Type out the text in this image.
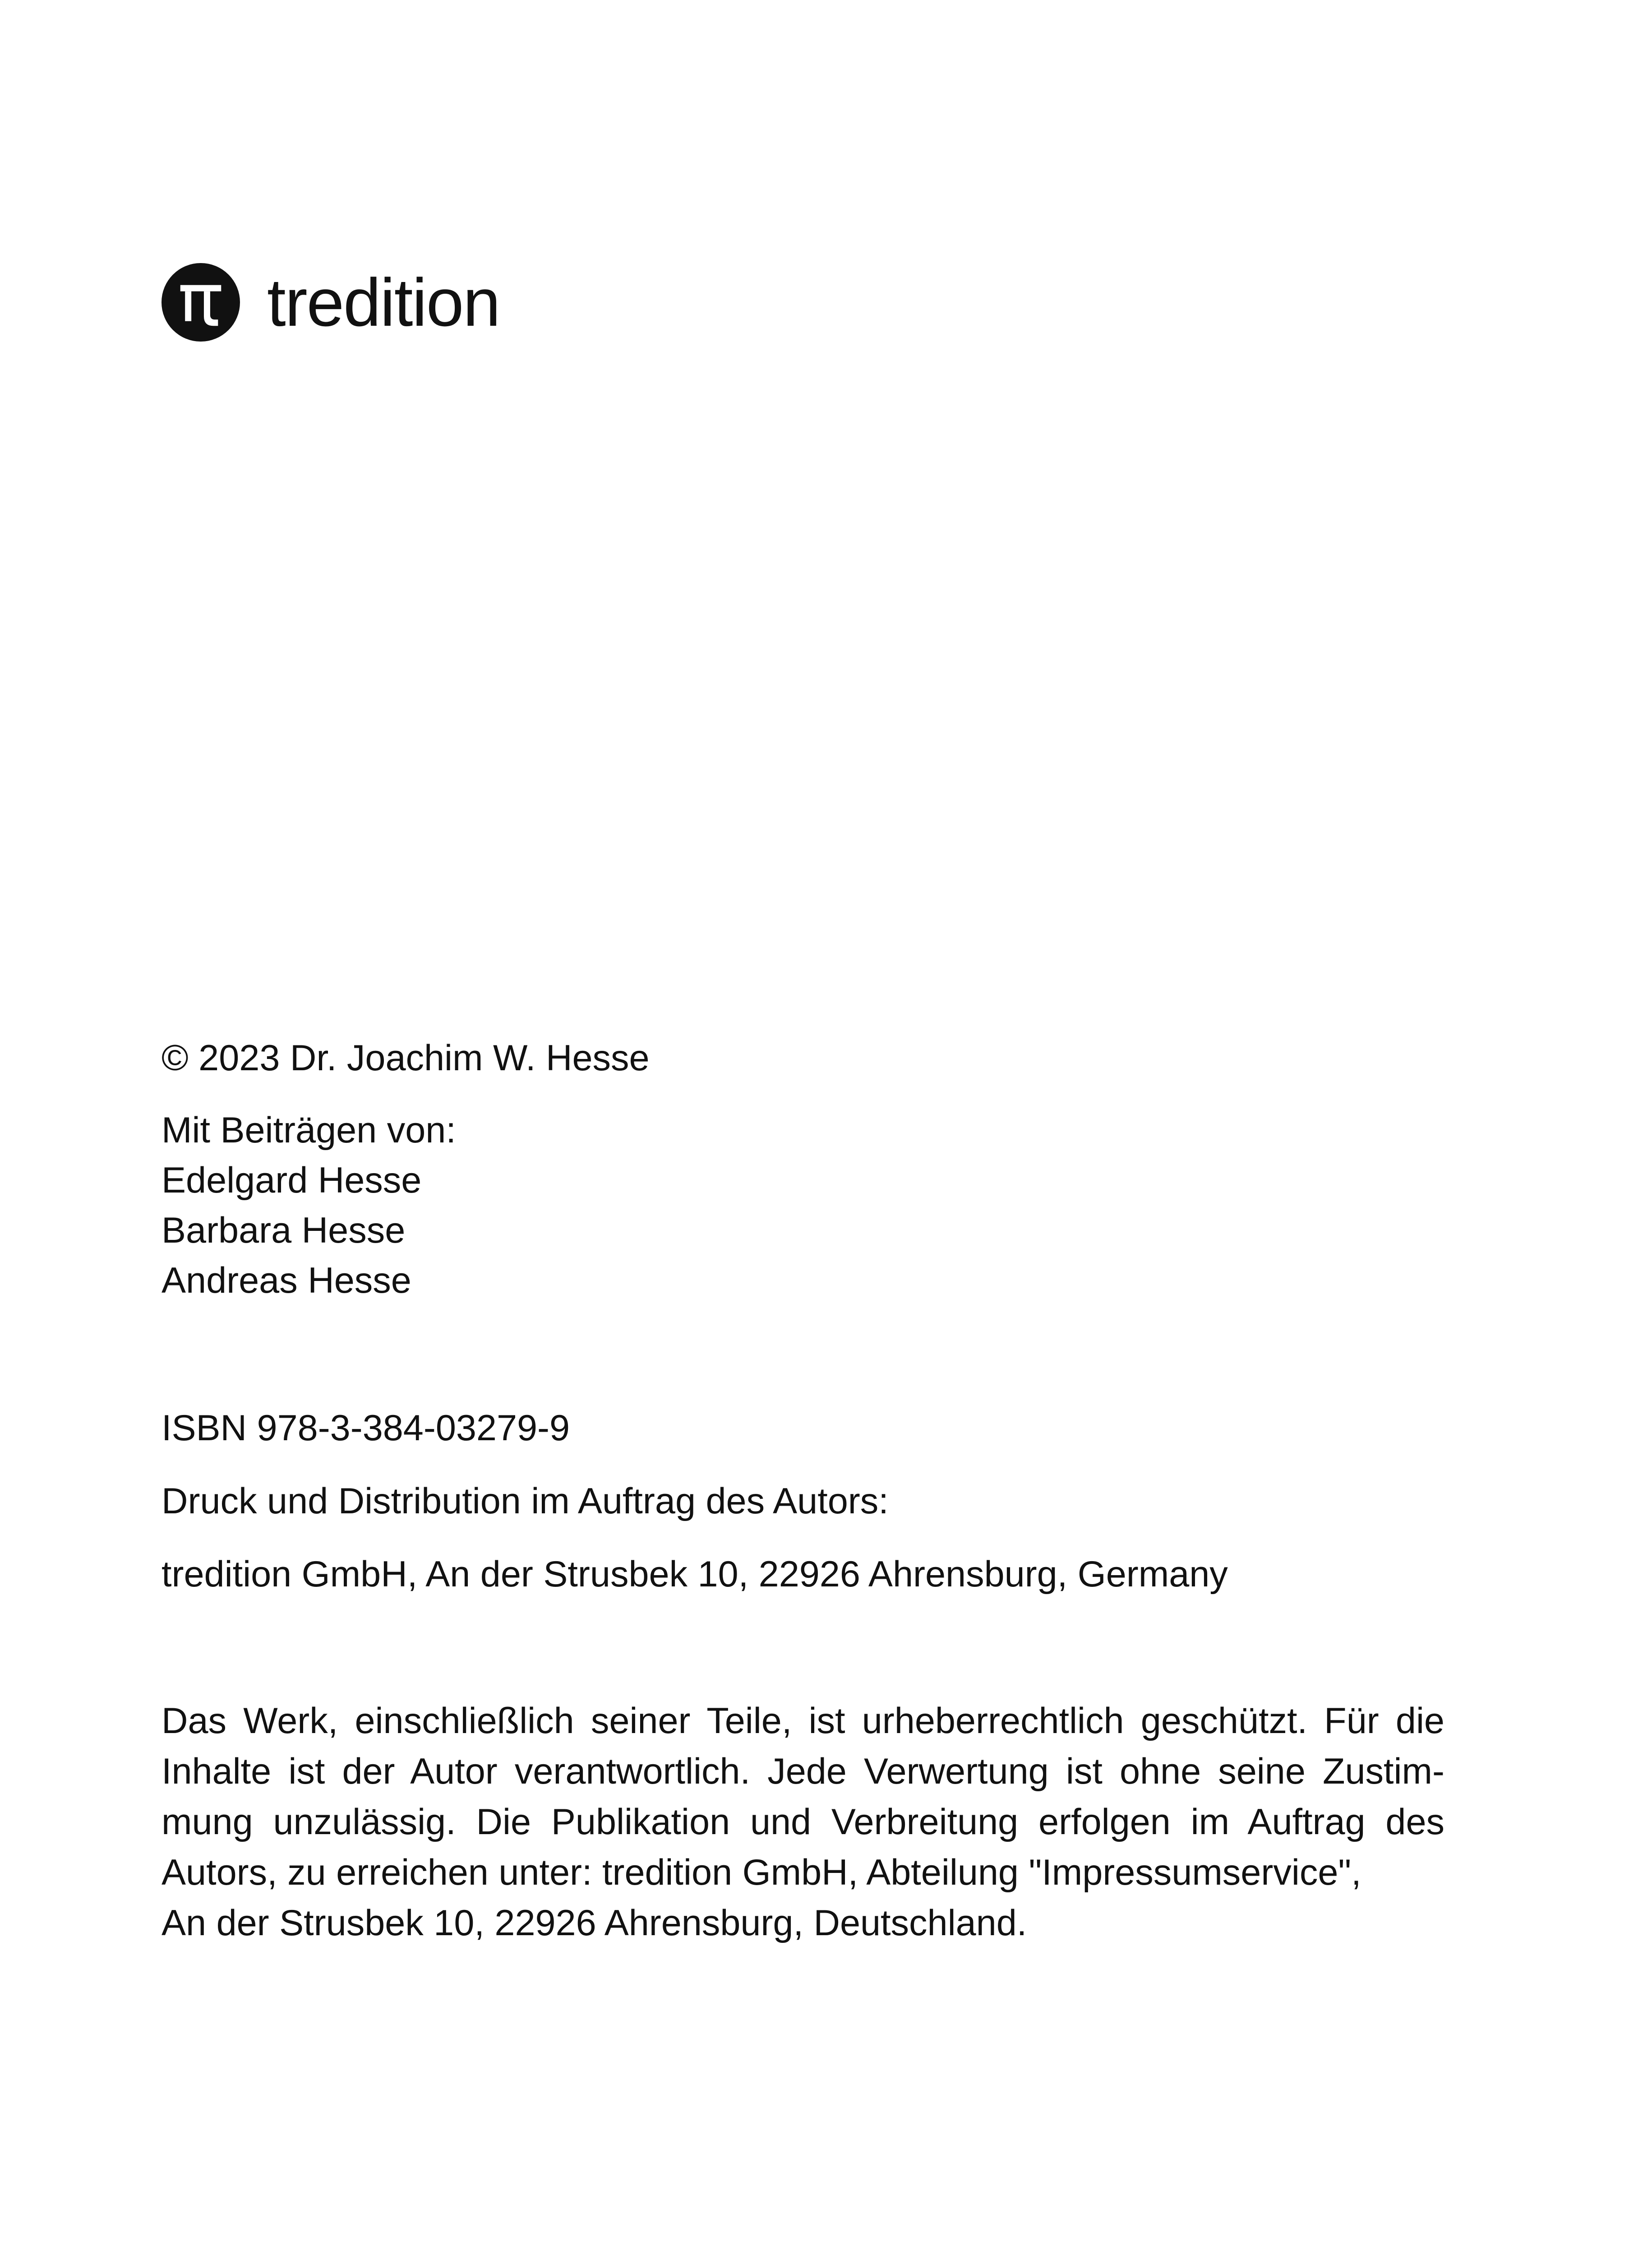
tredition
© 2023 Dr. Joachim W. Hesse
Mit Beiträgen von:
Edelgard Hesse
Barbara Hesse
Andreas Hesse
ISBN 978-3-384-03279-9
Druck und Distribution im Auftrag des Autors:
tredition GmbH, An der Strusbek 10, 22926 Ahrensburg, Germany
Das Werk, einschließlich seiner Teile, ist urheberrechtlich geschützt. Für die
Inhalte ist der Autor verantwortlich. Jede Verwertung ist ohne seine Zustim-
mung unzulässig. Die Publikation und Verbreitung erfolgen im Auftrag des
Autors, zu erreichen unter: tredition GmbH, Abteilung "Impressumservice",
An der Strusbek 10, 22926 Ahrensburg, Deutschland.
